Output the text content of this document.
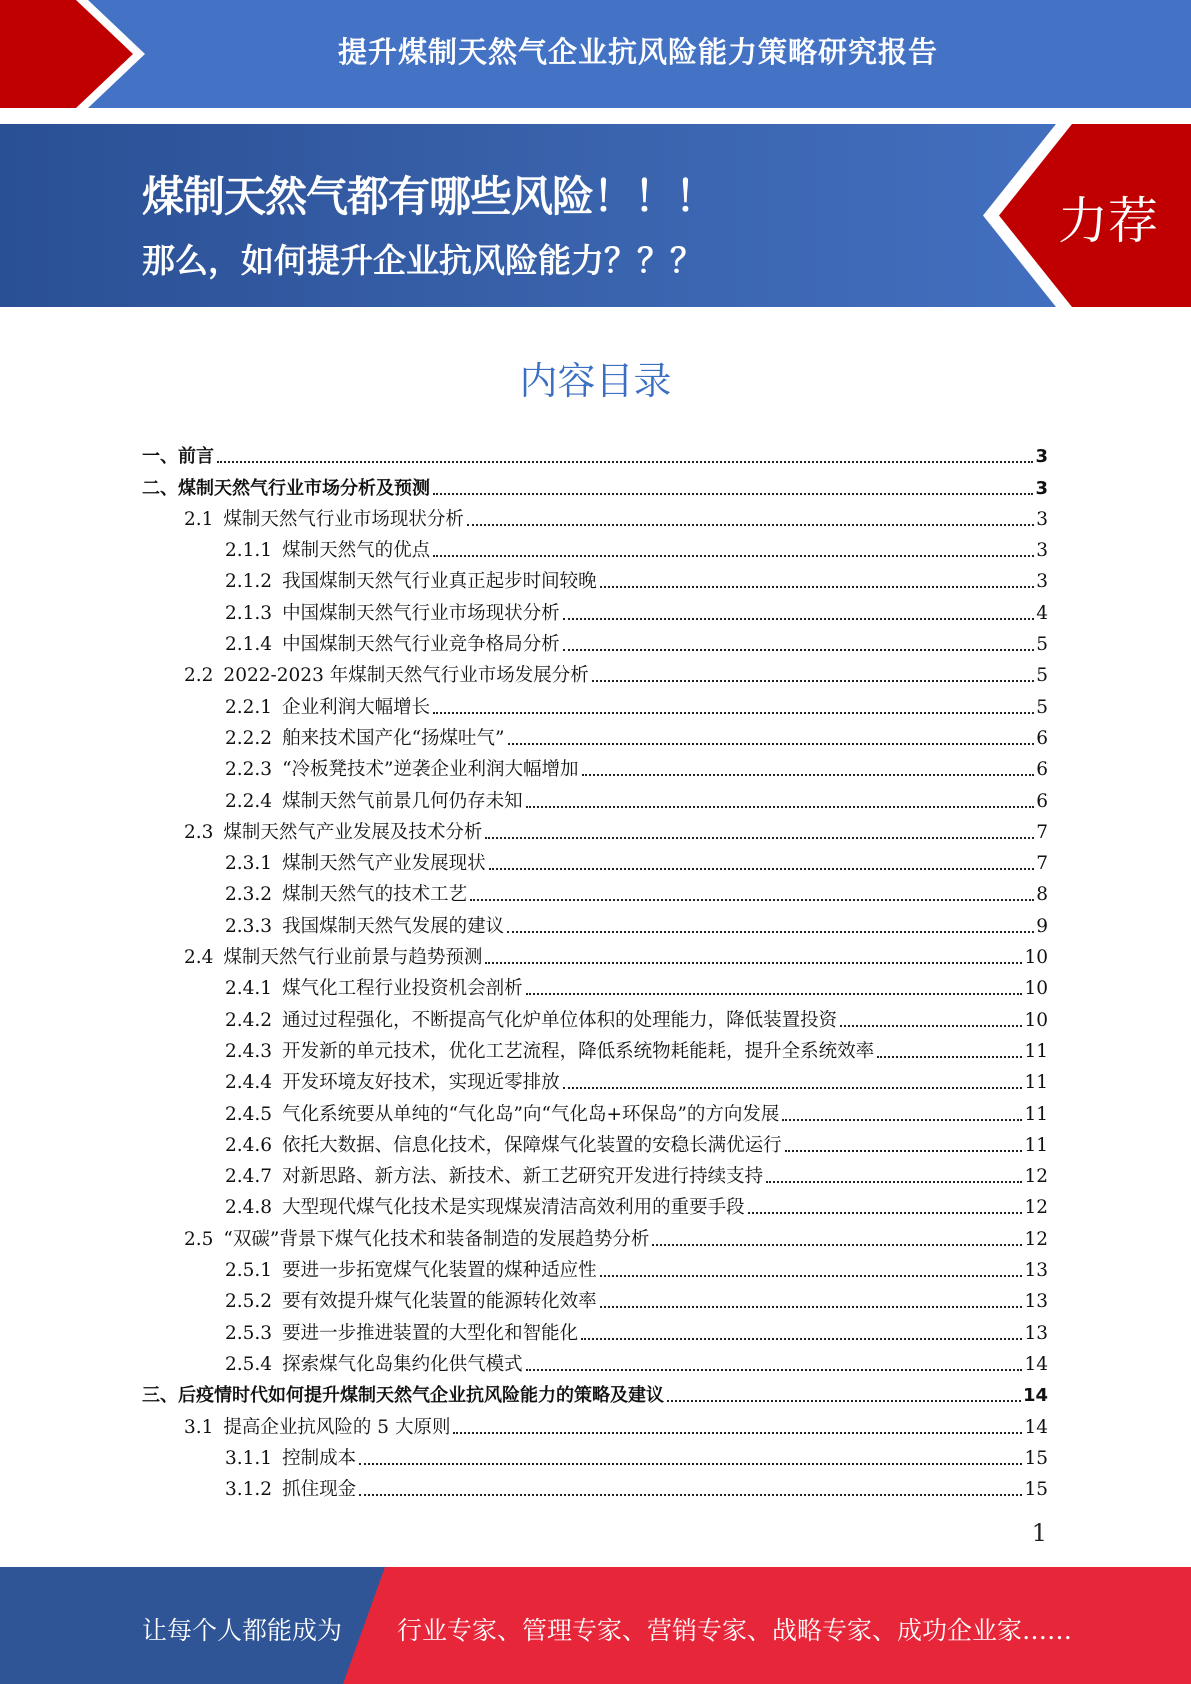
提升煤制天然气企业抗风险能力策略研究报告
煤制天然气都有哪些风险！！！
那么，如何提升企业抗风险能力？？？
力荐
内容目录
一、前言	3
二、煤制天然气行业市场分析及预测	3
2.1 煤制天然气行业市场现状分析	3
2.1.1 煤制天然气的优点	3
2.1.2 我国煤制天然气行业真正起步时间较晚	3
2.1.3 中国煤制天然气行业市场现状分析	4
2.1.4 中国煤制天然气行业竞争格局分析	5
2.2 2022-2023 年煤制天然气行业市场发展分析	5
2.2.1 企业利润大幅增长	5
2.2.2 舶来技术国产化“扬煤吐气”	6
2.2.3 “冷板凳技术”逆袭企业利润大幅增加	6
2.2.4 煤制天然气前景几何仍存未知	6
2.3 煤制天然气产业发展及技术分析	7
2.3.1 煤制天然气产业发展现状	7
2.3.2 煤制天然气的技术工艺	8
2.3.3 我国煤制天然气发展的建议	9
2.4 煤制天然气行业前景与趋势预测	10
2.4.1 煤气化工程行业投资机会剖析	10
2.4.2 通过过程强化，不断提高气化炉单位体积的处理能力，降低装置投资	10
2.4.3 开发新的单元技术，优化工艺流程，降低系统物耗能耗，提升全系统效率	11
2.4.4 开发环境友好技术，实现近零排放	11
2.4.5 气化系统要从单纯的“气化岛”向“气化岛+环保岛”的方向发展	11
2.4.6 依托大数据、信息化技术，保障煤气化装置的安稳长满优运行	11
2.4.7 对新思路、新方法、新技术、新工艺研究开发进行持续支持	12
2.4.8 大型现代煤气化技术是实现煤炭清洁高效利用的重要手段	12
2.5 “双碳”背景下煤气化技术和装备制造的发展趋势分析	12
2.5.1 要进一步拓宽煤气化装置的煤种适应性	13
2.5.2 要有效提升煤气化装置的能源转化效率	13
2.5.3 要进一步推进装置的大型化和智能化	13
2.5.4 探索煤气化岛集约化供气模式	14
三、后疫情时代如何提升煤制天然气企业抗风险能力的策略及建议	14
3.1 提高企业抗风险的 5 大原则	14
3.1.1 控制成本	15
3.1.2 抓住现金	15
1
让每个人都能成为 行业专家、管理专家、营销专家、战略专家、成功企业家……
